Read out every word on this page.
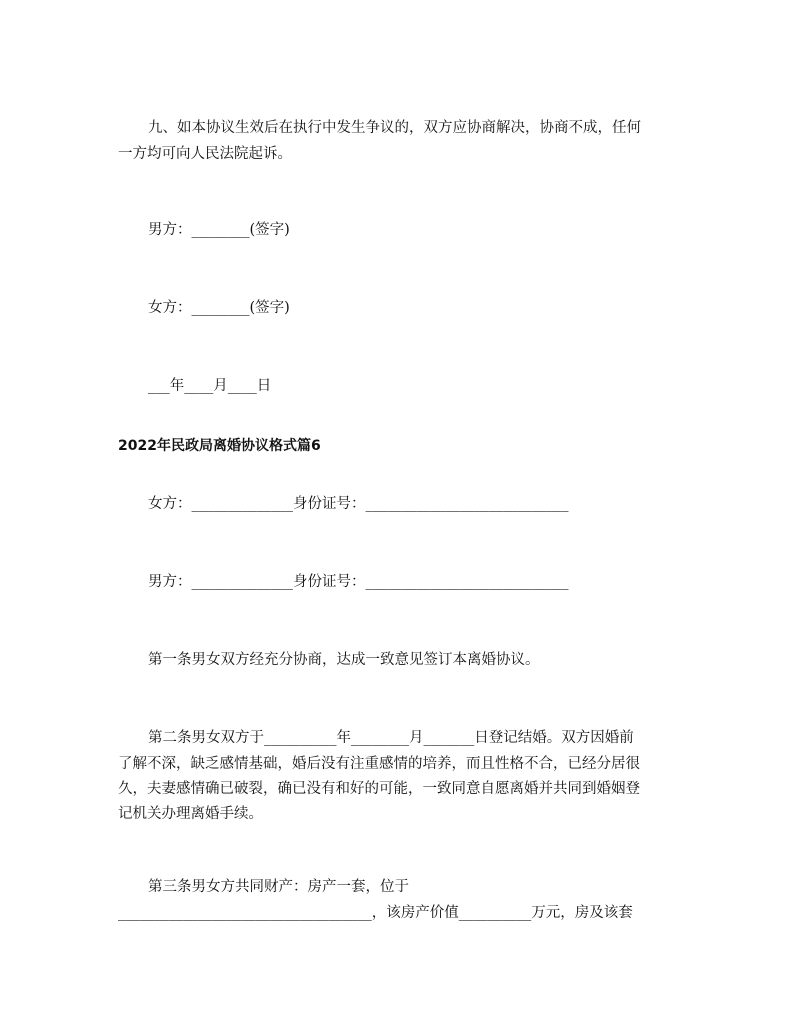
九、如本协议生效后在执行中发生争议的，双方应协商解决，协商不成，任何
一方均可向人民法院起诉。
男方：________(签字)
女方：________(签字)
___年____月____日
2022年民政局离婚协议格式篇6
女方：______________身份证号：____________________________
男方：______________身份证号：____________________________
第一条男女双方经充分协商，达成一致意见签订本离婚协议。
第二条男女双方于__________年________月_______日登记结婚。双方因婚前
了解不深，缺乏感情基础，婚后没有注重感情的培养，而且性格不合，已经分居很
久，夫妻感情确已破裂，确已没有和好的可能，一致同意自愿离婚并共同到婚姻登
记机关办理离婚手续。
第三条男女方共同财产：房产一套，位于
___________________________________，该房产价值__________万元，房及该套
